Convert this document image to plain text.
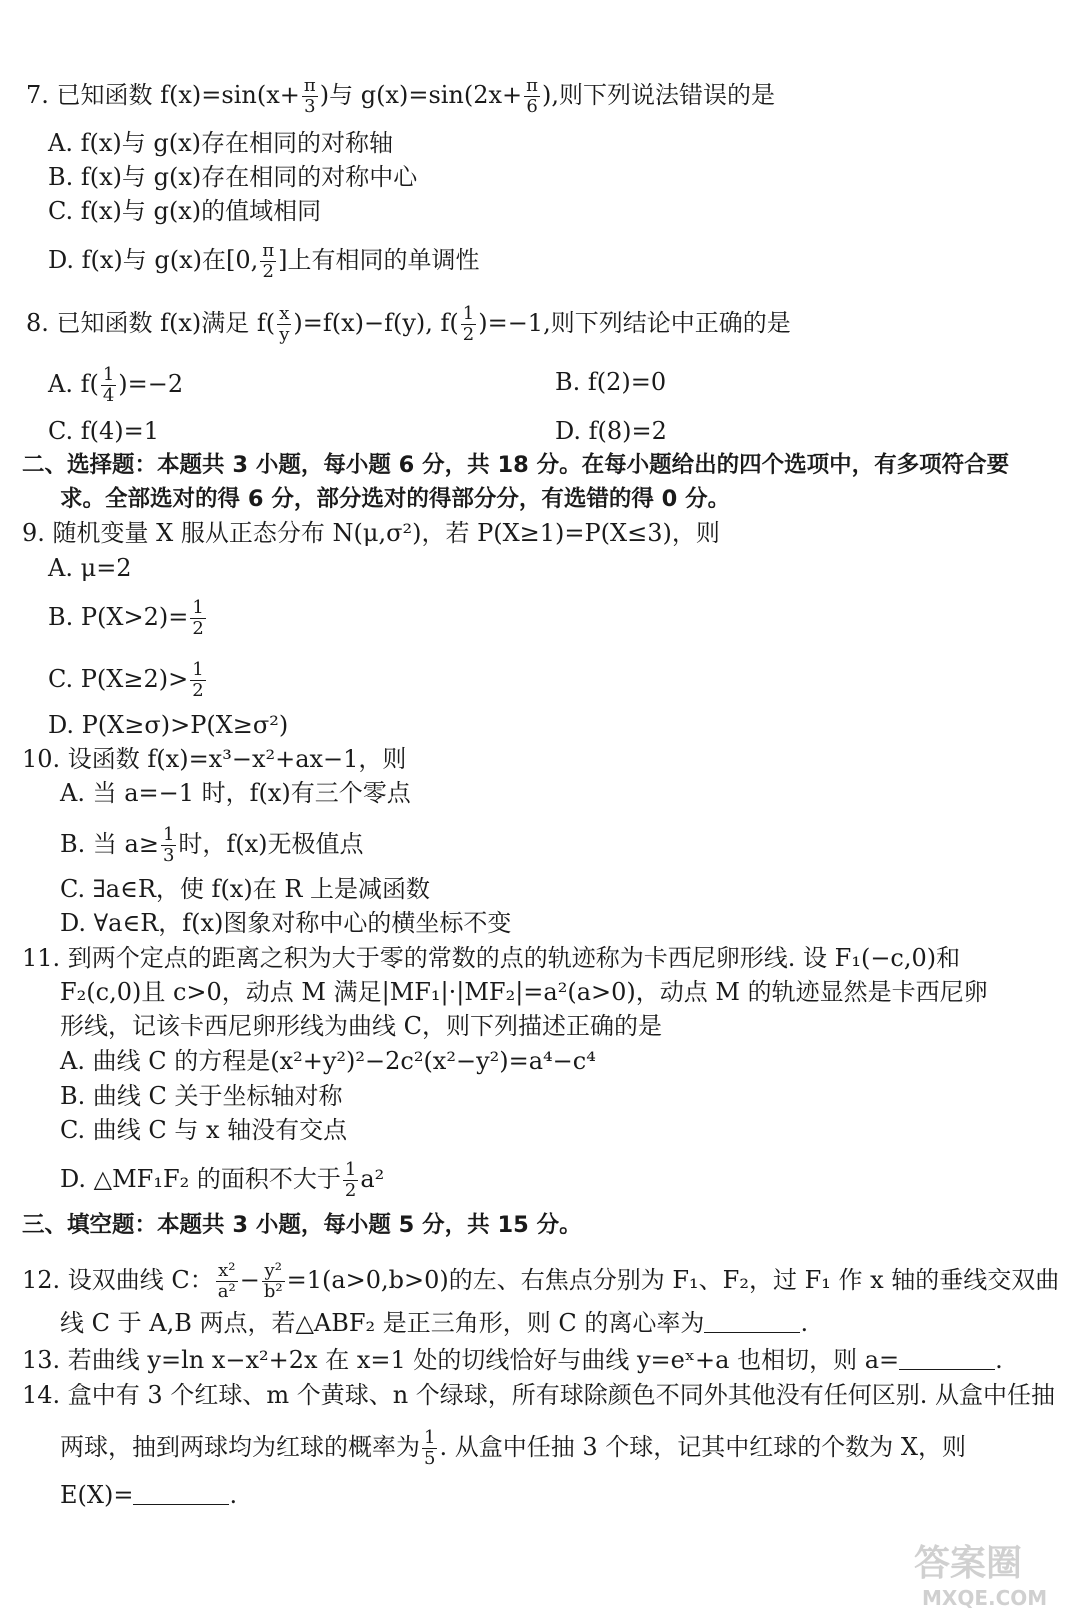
7. 已知函数 $f(x)=\sin(x+ \frac{\pi}{3}$ )与 $g(x)=\sin(2x+ \frac{\pi}{6}$ ),则下列说法错误的是
A. f(x)与 g(x)存在相同的对称轴
B. f(x)与 g(x)存在相同的对称中心
C. f(x)与 g(x)的值域相同
D. f(x)与 g(x)在[0, $\frac{\pi}{2}$ ]上有相同的单调性
8. 已知函数 f(x)满足 $f( \frac{x}{y} )=f(x)-f(y)$, $f( \frac{1}{2} )=-1$,则下列结论中正确的是
A. $f( \frac{1}{4} )=-2$	B. f(2)=0
C. f(4)=1	D. f(8)=2
二、选择题：本题共 3 小题，每小题 6 分，共 18 分。在每小题给出的四个选项中，有多项符合要
求。全部选对的得 6 分，部分选对的得部分分，有选错的得 0 分。
9. 随机变量 X 服从正态分布 N(μ,σ²)，若 P(X≥1)=P(X≤3)，则
A. μ=2
B. $P(X>2)= \frac{1}{2}$
C. $P(X\ge 2)> \frac{1}{2}$
D. P(X≥σ)>P(X≥σ²)
10. 设函数 f(x)=x³−x²+ax−1，则
A. 当 a=−1 时，f(x)有三个零点
B. 当 $a\ge \frac{1}{3}$ 时，f(x)无极值点
C. ∃a∈R，使 f(x)在 R 上是减函数
D. ∀a∈R，f(x)图象对称中心的横坐标不变
11. 到两个定点的距离之积为大于零的常数的点的轨迹称为卡西尼卵形线. 设 F₁(−c,0)和
F₂(c,0)且 c>0，动点 M 满足|MF₁|·|MF₂|=a²(a>0)，动点 M 的轨迹显然是卡西尼卵
形线，记该卡西尼卵形线为曲线 C，则下列描述正确的是
A. 曲线 C 的方程是(x²+y²)²−2c²(x²−y²)=a⁴−c⁴
B. 曲线 C 关于坐标轴对称
C. 曲线 C 与 x 轴没有交点
D. △MF₁F₂ 的面积不大于 $\frac{1}{2} a^2$
三、填空题：本题共 3 小题，每小题 5 分，共 15 分。
12. 设双曲线 C： $\frac{\text{x²}}{\text{a²}} - \frac{\text{y²}}{\text{b²}} =1(a>0,b>0)$的左、右焦点分别为 F₁、F₂，过 F₁ 作 x 轴的垂线交双曲
线 C 于 A,B 两点，若△ABF₂ 是正三角形，则 C 的离心率为	.
13. 若曲线 y=ln x−x²+2x 在 x=1 处的切线恰好与曲线 y=eˣ+a 也相切，则 a=	.
14. 盒中有 3 个红球、m 个黄球、n 个绿球，所有球除颜色不同外其他没有任何区别. 从盒中任抽
两球，抽到两球均为红球的概率为 $\frac{1}{5}$ . 从盒中任抽 3 个球，记其中红球的个数为 X，则
E(X)=	.
答案圈
MXQE.COM
